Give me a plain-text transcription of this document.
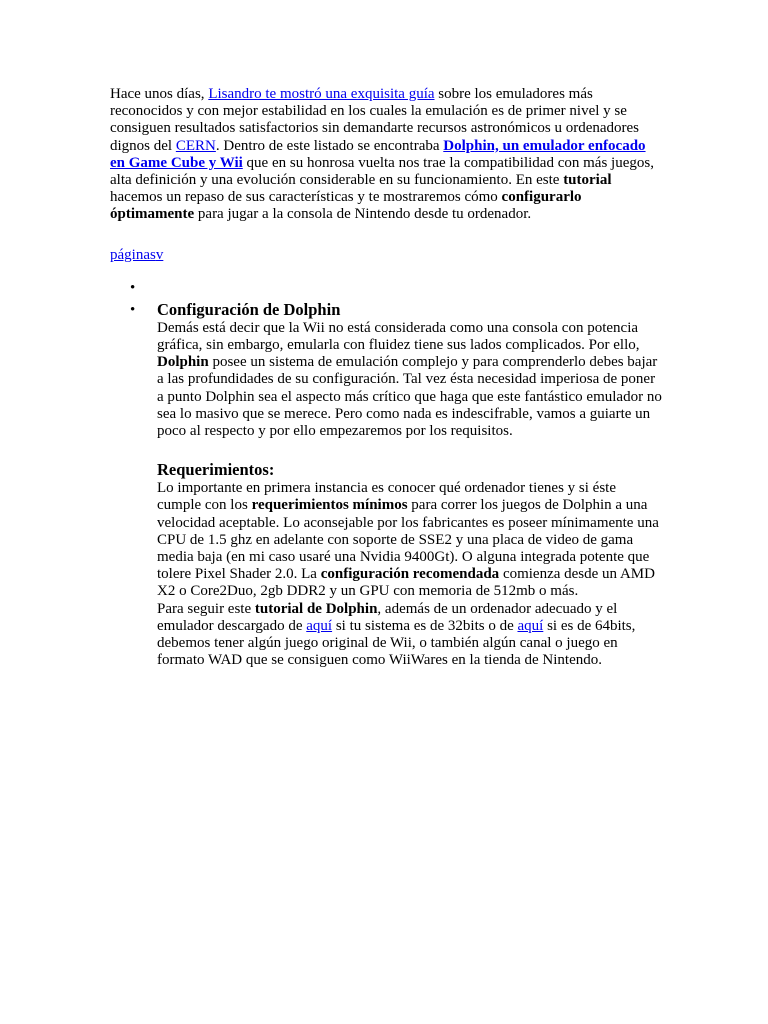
Hace unos días, Lisandro te mostró una exquisita guía sobre los emuladores más reconocidos y con mejor estabilidad en los cuales la emulación es de primer nivel y se consiguen resultados satisfactorios sin demandarte recursos astronómicos u ordenadores dignos del CERN. Dentro de este listado se encontraba Dolphin, un emulador enfocado en Game Cube y Wii que en su honrosa vuelta nos trae la compatibilidad con más juegos, alta definición y una evolución considerable en su funcionamiento. En este tutorial hacemos un repaso de sus características y te mostraremos cómo configurarlo óptimamente para jugar a la consola de Nintendo desde tu ordenador.

páginasv
•
• Configuración de Dolphin

Demás está decir que la Wii no está considerada como una consola con potencia gráfica, sin embargo, emularla con fluidez tiene sus lados complicados. Por ello, Dolphin posee un sistema de emulación complejo y para comprenderlo debes bajar a las profundidades de su configuración. Tal vez ésta necesidad imperiosa de poner a punto Dolphin sea el aspecto más crítico que haga que este fantástico emulador no sea lo masivo que se merece. Pero como nada es indescifrable, vamos a guiarte un poco al respecto y por ello empezaremos por los requisitos.

Requerimientos:

Lo importante en primera instancia es conocer qué ordenador tienes y si éste cumple con los requerimientos mínimos para correr los juegos de Dolphin a una velocidad aceptable. Lo aconsejable por los fabricantes es poseer mínimamente una CPU de 1.5 ghz en adelante con soporte de SSE2 y una placa de video de gama media baja (en mi caso usaré una Nvidia 9400Gt). O alguna integrada potente que tolere Pixel Shader 2.0. La configuración recomendada comienza desde un AMD X2 o Core2Duo, 2gb DDR2 y un GPU con memoria de 512mb o más.

Para seguir este tutorial de Dolphin, además de un ordenador adecuado y el emulador descargado de aquí si tu sistema es de 32bits o de aquí si es de 64bits, debemos tener algún juego original de Wii, o también algún canal o juego en formato WAD que se consiguen como WiiWares en la tienda de Nintendo.
